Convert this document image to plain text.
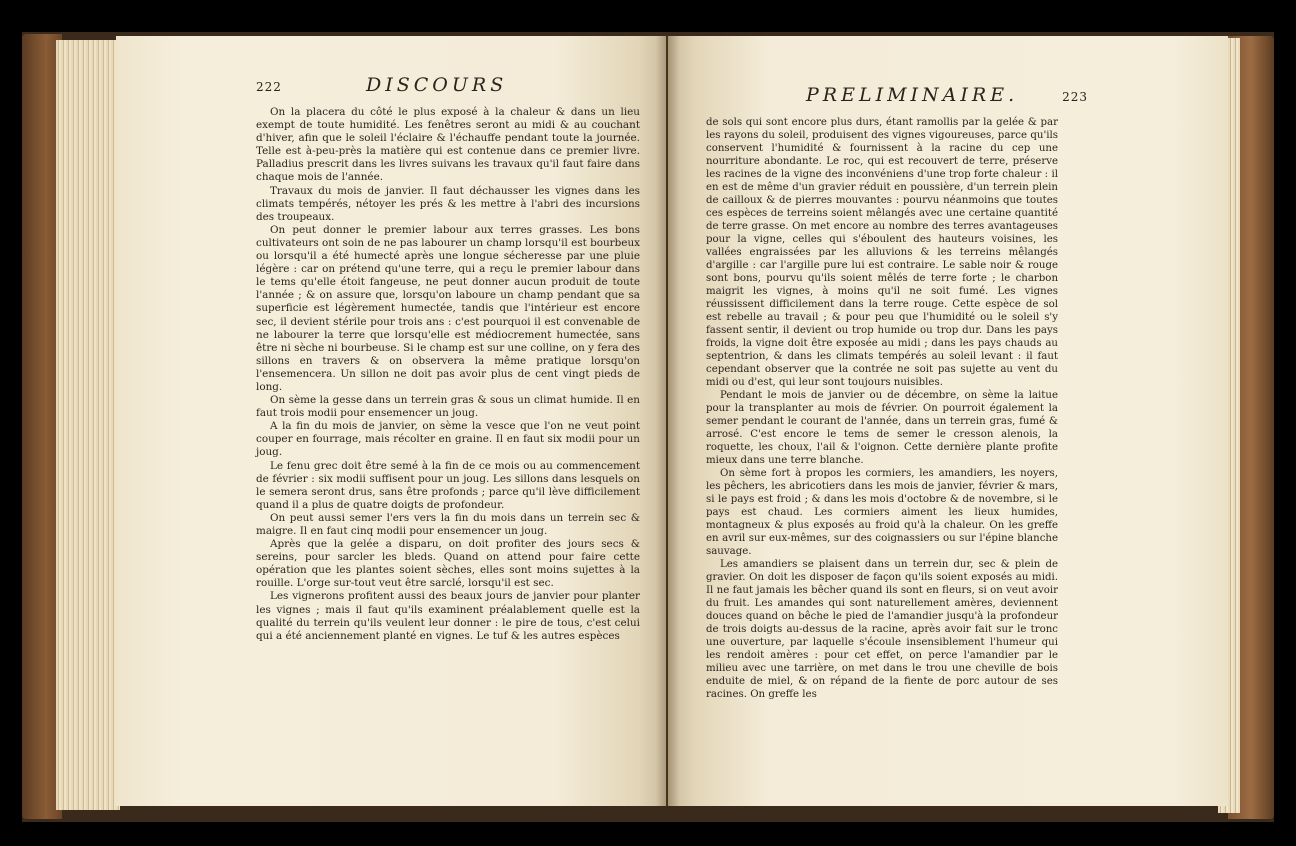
222	DISCOURS

On la placera du côté le plus exposé à la chaleur & dans un lieu exempt de toute humidité. Les fenêtres seront au midi & au couchant d'hiver, afin que le soleil l'éclaire & l'échauffe pendant toute la journée. Telle est à-peu-près la matière qui est contenue dans ce premier livre. Palladius prescrit dans les livres suivans les travaux qu'il faut faire dans chaque mois de l'année.

Travaux du mois de janvier. Il faut déchausser les vignes dans les climats tempérés, nétoyer les prés & les mettre à l'abri des incursions des troupeaux.

On peut donner le premier labour aux terres grasses. Les bons cultivateurs ont soin de ne pas labourer un champ lorsqu'il est bourbeux ou lorsqu'il a été humecté après une longue sécheresse par une pluie légère : car on prétend qu'une terre, qui a reçu le premier labour dans le tems qu'elle étoit fangeuse, ne peut donner aucun produit de toute l'année ; & on assure que, lorsqu'on laboure un champ pendant que sa superficie est légèrement humectée, tandis que l'intérieur est encore sec, il devient stérile pour trois ans : c'est pourquoi il est convenable de ne labourer la terre que lorsqu'elle est médiocrement humectée, sans être ni sèche ni bourbeuse. Si le champ est sur une colline, on y fera des sillons en travers & on observera la même pratique lorsqu'on l'ensemencera. Un sillon ne doit pas avoir plus de cent vingt pieds de long.

On sème la gesse dans un terrein gras & sous un climat humide. Il en faut trois modii pour ensemencer un joug.

A la fin du mois de janvier, on sème la vesce que l'on ne veut point couper en fourrage, mais récolter en graine. Il en faut six modii pour un joug.

Le fenu grec doit être semé à la fin de ce mois ou au commencement de février : six modii suffisent pour un joug. Les sillons dans lesquels on le semera seront drus, sans être profonds ; parce qu'il lève difficilement quand il a plus de quatre doigts de profondeur.

On peut aussi semer l'ers vers la fin du mois dans un terrein sec & maigre. Il en faut cinq modii pour ensemencer un joug.

Après que la gelée a disparu, on doit profiter des jours secs & sereins, pour sarcler les bleds. Quand on attend pour faire cette opération que les plantes soient sèches, elles sont moins sujettes à la rouille. L'orge sur-tout veut être sarclé, lorsqu'il est sec.

Les vignerons profitent aussi des beaux jours de janvier pour planter les vignes ; mais il faut qu'ils examinent préalablement quelle est la qualité du terrein qu'ils veulent leur donner : le pire de tous, c'est celui qui a été anciennement planté en vignes. Le tuf & les autres espèces

PRELIMINAIRE.	223

de sols qui sont encore plus durs, étant ramollis par la gelée & par les rayons du soleil, produisent des vignes vigoureuses, parce qu'ils conservent l'humidité & fournissent à la racine du cep une nourriture abondante. Le roc, qui est recouvert de terre, préserve les racines de la vigne des inconvéniens d'une trop forte chaleur : il en est de même d'un gravier réduit en poussière, d'un terrein plein de cailloux & de pierres mouvantes : pourvu néanmoins que toutes ces espèces de terreins soient mêlangés avec une certaine quantité de terre grasse. On met encore au nombre des terres avantageuses pour la vigne, celles qui s'éboulent des hauteurs voisines, les vallées engraissées par les alluvions & les terreins mêlangés d'argille : car l'argille pure lui est contraire. Le sable noir & rouge sont bons, pourvu qu'ils soient mêlés de terre forte ; le charbon maigrit les vignes, à moins qu'il ne soit fumé. Les vignes réussissent difficilement dans la terre rouge. Cette espèce de sol est rebelle au travail ; & pour peu que l'humidité ou le soleil s'y fassent sentir, il devient ou trop humide ou trop dur. Dans les pays froids, la vigne doit être exposée au midi ; dans les pays chauds au septentrion, & dans les climats tempérés au soleil levant : il faut cependant observer que la contrée ne soit pas sujette au vent du midi ou d'est, qui leur sont toujours nuisibles.

Pendant le mois de janvier ou de décembre, on sème la laitue pour la transplanter au mois de février. On pourroit également la semer pendant le courant de l'année, dans un terrein gras, fumé & arrosé. C'est encore le tems de semer le cresson alenois, la roquette, les choux, l'ail & l'oignon. Cette dernière plante profite mieux dans une terre blanche.

On sème fort à propos les cormiers, les amandiers, les noyers, les pêchers, les abricotiers dans les mois de janvier, février & mars, si le pays est froid ; & dans les mois d'octobre & de novembre, si le pays est chaud. Les cormiers aiment les lieux humides, montagneux & plus exposés au froid qu'à la chaleur. On les greffe en avril sur eux-mêmes, sur des coignassiers ou sur l'épine blanche sauvage.

Les amandiers se plaisent dans un terrein dur, sec & plein de gravier. On doit les disposer de façon qu'ils soient exposés au midi. Il ne faut jamais les bêcher quand ils sont en fleurs, si on veut avoir du fruit. Les amandes qui sont naturellement amères, deviennent douces quand on bêche le pied de l'amandier jusqu'à la profondeur de trois doigts au-dessus de la racine, après avoir fait sur le tronc une ouverture, par laquelle s'écoule insensiblement l'humeur qui les rendoit amères : pour cet effet, on perce l'amandier par le milieu avec une tarrière, on met dans le trou une cheville de bois enduite de miel, & on répand de la fiente de porc autour de ses racines. On greffe les
